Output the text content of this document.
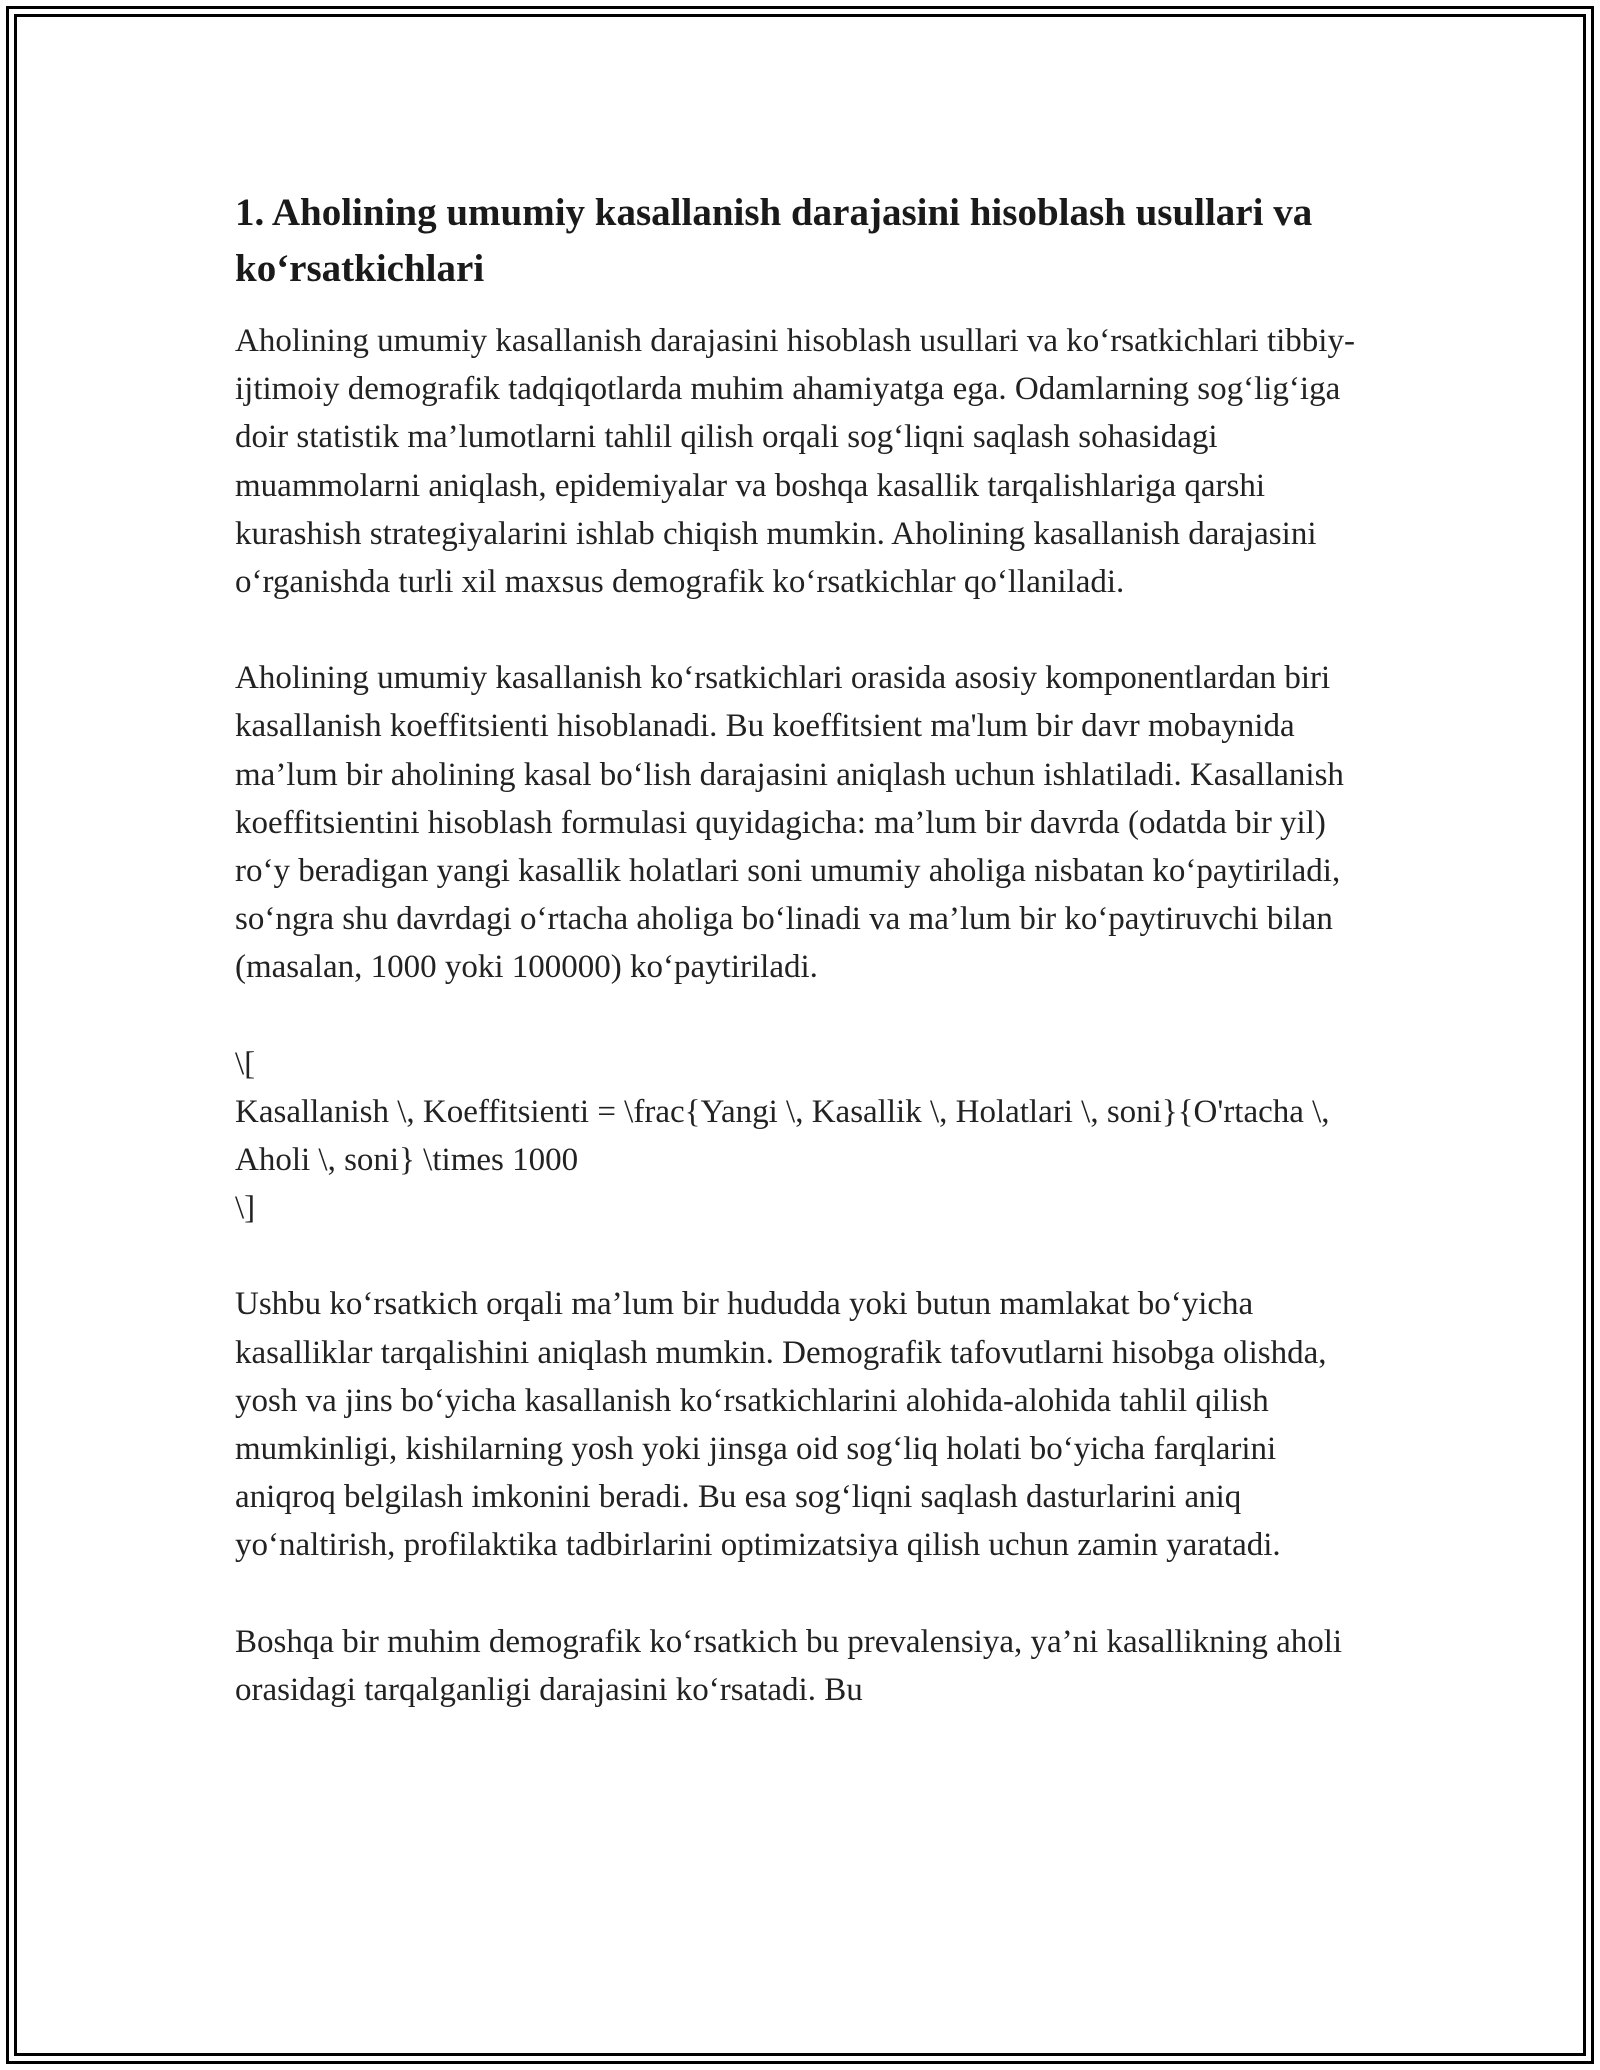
1. Aholining umumiy kasallanish darajasini hisoblash usullari va ko‘rsatkichlari

Aholining umumiy kasallanish darajasini hisoblash usullari va ko‘rsatkichlari tibbiy-ijtimoiy demografik tadqiqotlarda muhim ahamiyatga ega. Odamlarning sog‘lig‘iga doir statistik ma’lumotlarni tahlil qilish orqali sog‘liqni saqlash sohasidagi muammolarni aniqlash, epidemiyalar va boshqa kasallik tarqalishlariga qarshi kurashish strategiyalarini ishlab chiqish mumkin. Aholining kasallanish darajasini o‘rganishda turli xil maxsus demografik ko‘rsatkichlar qo‘llaniladi.

Aholining umumiy kasallanish ko‘rsatkichlari orasida asosiy komponentlardan biri kasallanish koeffitsienti hisoblanadi. Bu koeffitsient ma'lum bir davr mobaynida ma’lum bir aholining kasal bo‘lish darajasini aniqlash uchun ishlatiladi. Kasallanish koeffitsientini hisoblash formulasi quyidagicha: ma’lum bir davrda (odatda bir yil) ro‘y beradigan yangi kasallik holatlari soni umumiy aholiga nisbatan ko‘paytiriladi, so‘ngra shu davrdagi o‘rtacha aholiga bo‘linadi va ma’lum bir ko‘paytiruvchi bilan (masalan, 1000 yoki 100000) ko‘paytiriladi.

\[
Kasallanish \, Koeffitsienti = \frac{Yangi \, Kasallik \, Holatlari \, soni}{O'rtacha \, Aholi \, soni} \times 1000
\]

Ushbu ko‘rsatkich orqali ma’lum bir hududda yoki butun mamlakat bo‘yicha kasalliklar tarqalishini aniqlash mumkin. Demografik tafovutlarni hisobga olishda, yosh va jins bo‘yicha kasallanish ko‘rsatkichlarini alohida-alohida tahlil qilish mumkinligi, kishilarning yosh yoki jinsga oid sog‘liq holati bo‘yicha farqlarini aniqroq belgilash imkonini beradi. Bu esa sog‘liqni saqlash dasturlarini aniq yo‘naltirish, profilaktika tadbirlarini optimizatsiya qilish uchun zamin yaratadi.

Boshqa bir muhim demografik ko‘rsatkich bu prevalensiya, ya’ni kasallikning aholi orasidagi tarqalganligi darajasini ko‘rsatadi. Bu
